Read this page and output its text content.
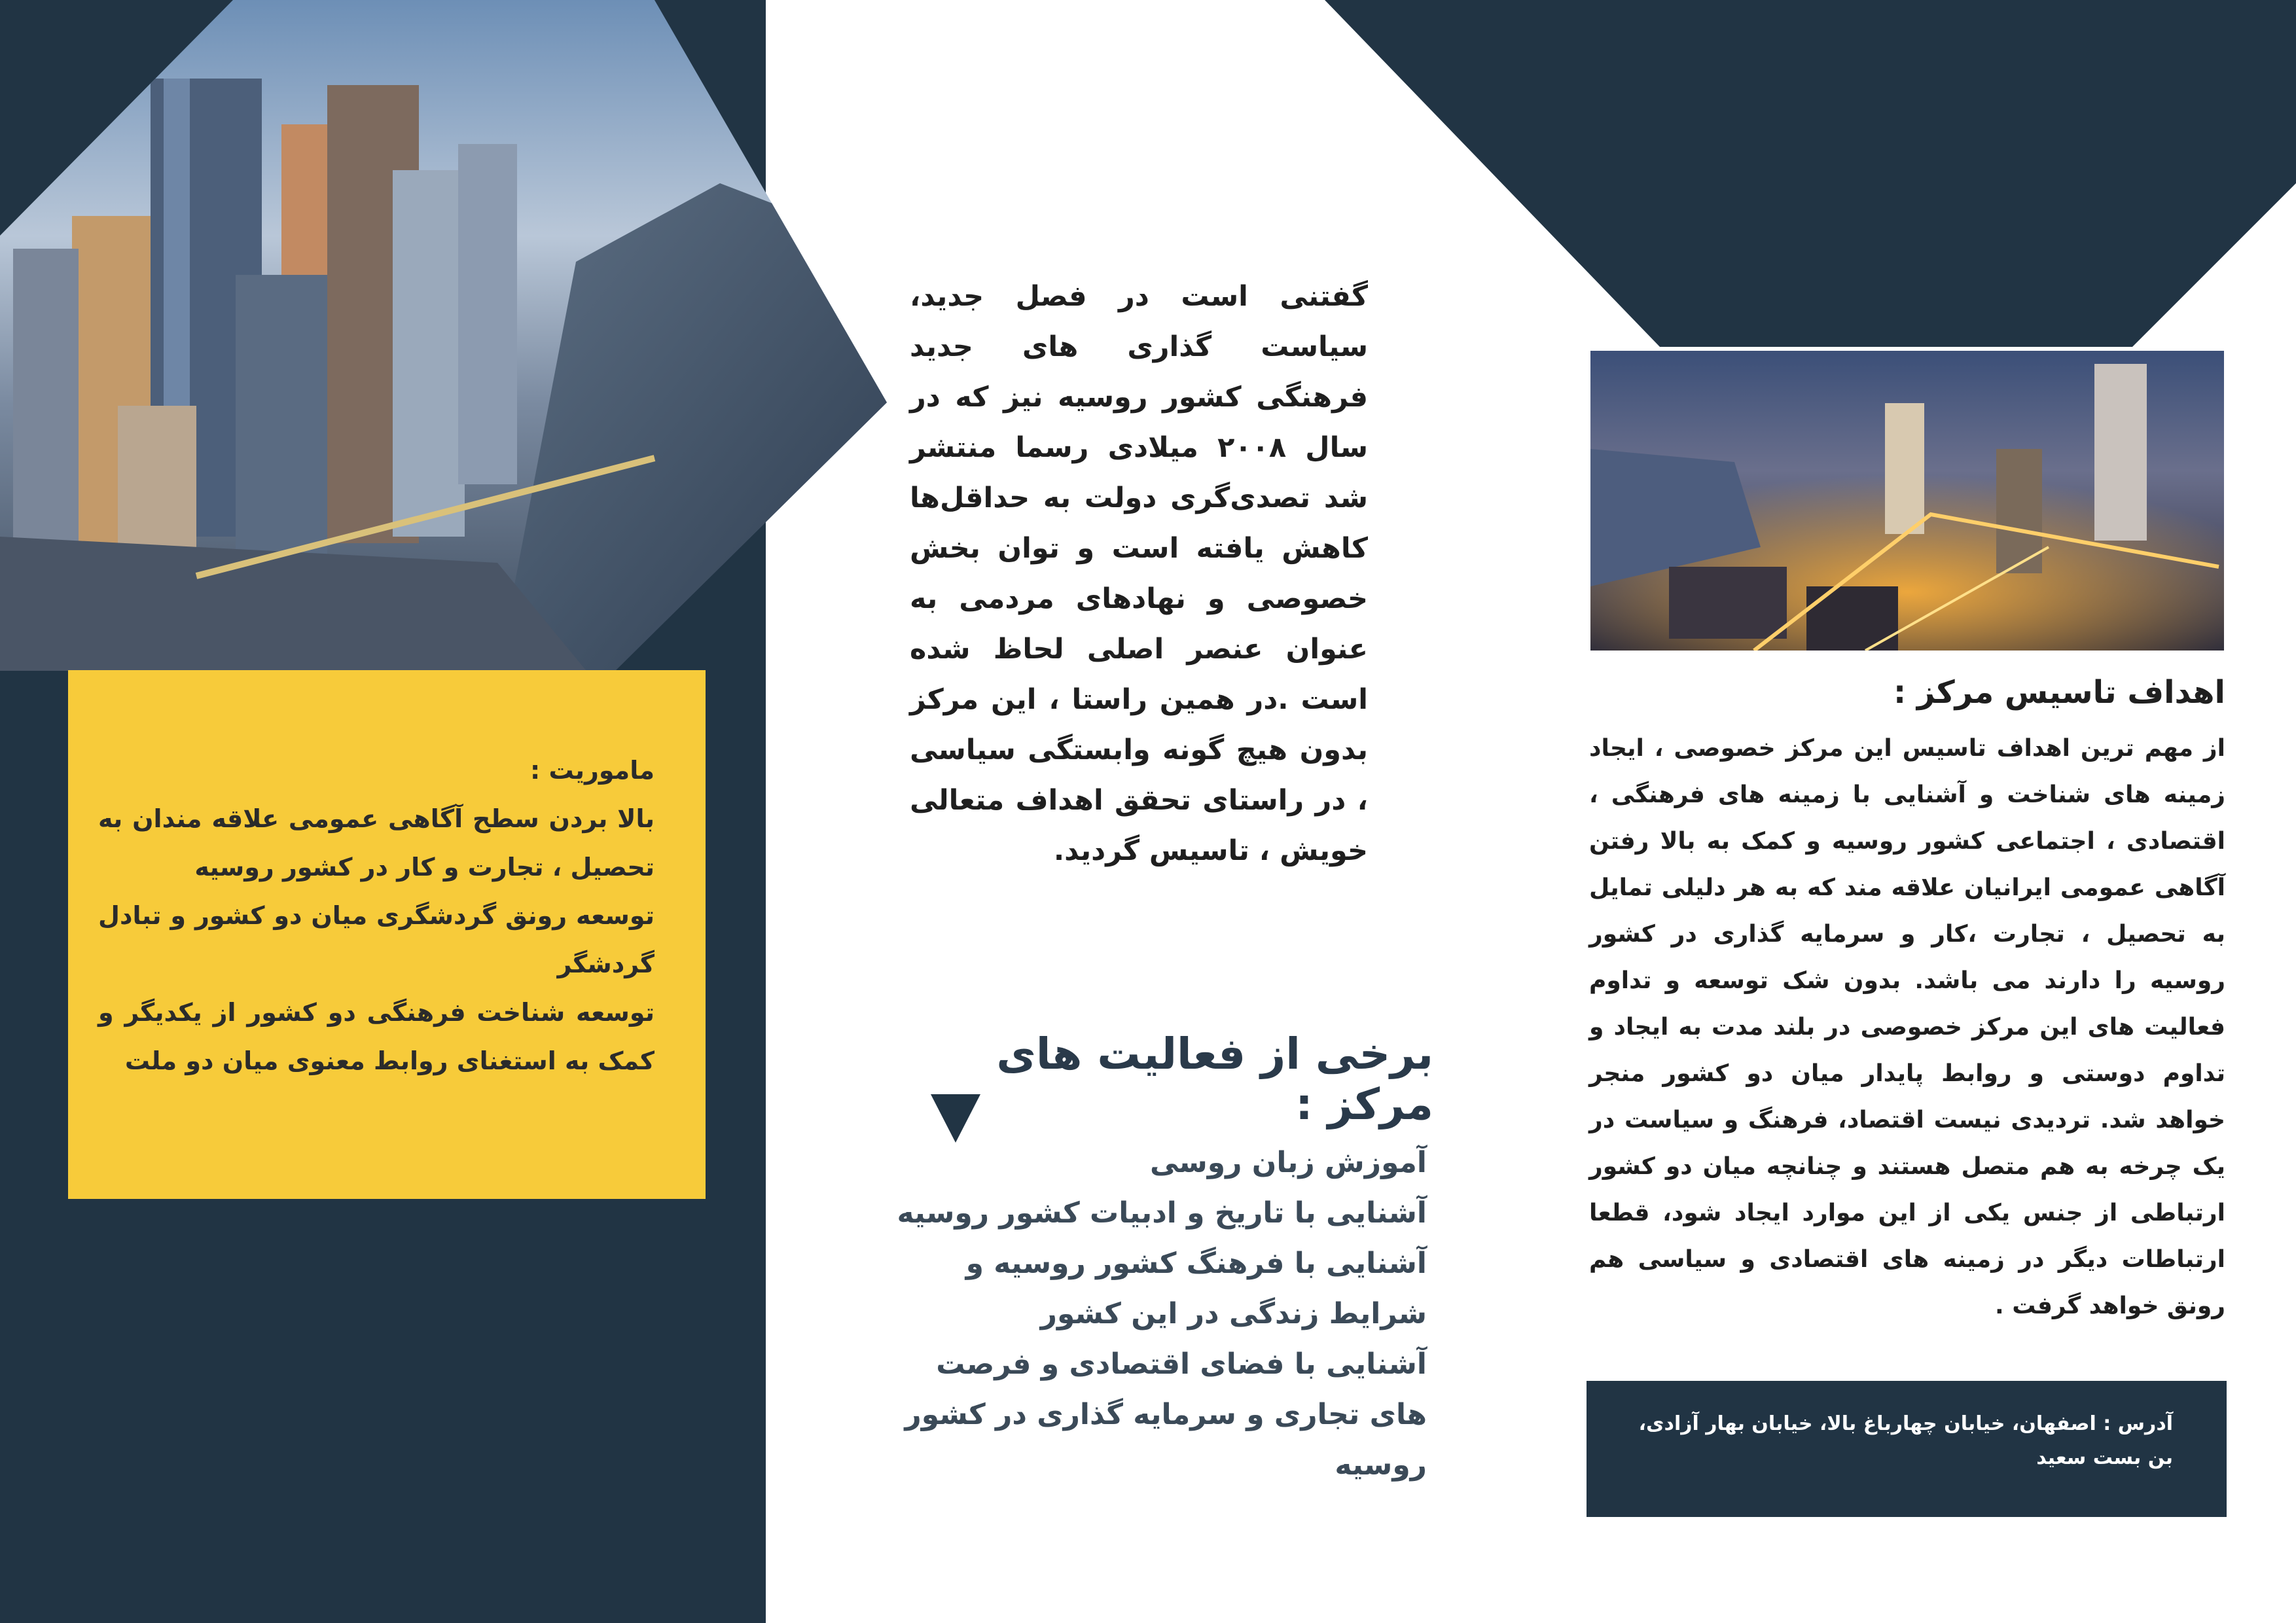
ماموریت :
بالا بردن سطح آگاهی عمومی علاقه مندان به تحصیل ، تجارت و کار در کشور روسیه
توسعه رونق گردشگری میان دو کشور و تبادل گردشگر
توسعه شناخت فرهنگی دو کشور از یکدیگر و کمک به استغنای روابط معنوی میان دو ملت
گفتنی است در فصل جدید، سیاست گذاری های جدید فرهنگی کشور روسیه نیز که در سال ۲۰۰۸ میلادی رسما منتشر شد تصدی‌گری دولت به حداقل‌ها کاهش یافته است و توان بخش خصوصی و نهادهای مردمی به عنوان عنصر اصلی لحاظ شده است .در همین راستا ، این مرکز بدون هیچ گونه وابستگی سیاسی ، در راستای تحقق اهداف متعالی خویش ، تاسیس گردید.
برخی از فعالیت های مرکز :
آموزش زبان روسی
آشنایی با تاریخ و ادبیات کشور روسیه
آشنایی با فرهنگ کشور روسیه و شرایط زندگی در این کشور
آشنایی با فضای اقتصادی و فرصت های تجاری و سرمایه گذاری در کشور روسیه
اهداف تاسیس مرکز :
از مهم ترین اهداف تاسیس این مرکز خصوصی ، ایجاد زمینه های شناخت و آشنایی با زمینه های فرهنگی ، اقتصادی ، اجتماعی کشور روسیه و کمک به بالا رفتن آگاهی عمومی ایرانیان علاقه مند که به هر دلیلی تمایل به تحصیل ، تجارت ،کار و سرمایه گذاری در کشور روسیه را دارند می باشد. بدون شک توسعه و تداوم فعالیت های این مرکز خصوصی در بلند مدت به ایجاد و تداوم دوستی و روابط پایدار میان دو کشور منجر خواهد شد. تردیدی نیست اقتصاد، فرهنگ و سیاست در یک چرخه به هم متصل هستند و چنانچه میان دو کشور ارتباطی از جنس یکی از این موارد ایجاد شود، قطعا ارتباطات دیگر در زمینه های اقتصادی و سیاسی هم رونق خواهد گرفت .
آدرس : اصفهان، خیابان چهارباغ بالا، خیابان بهار آزادی،
بن بست سعید
